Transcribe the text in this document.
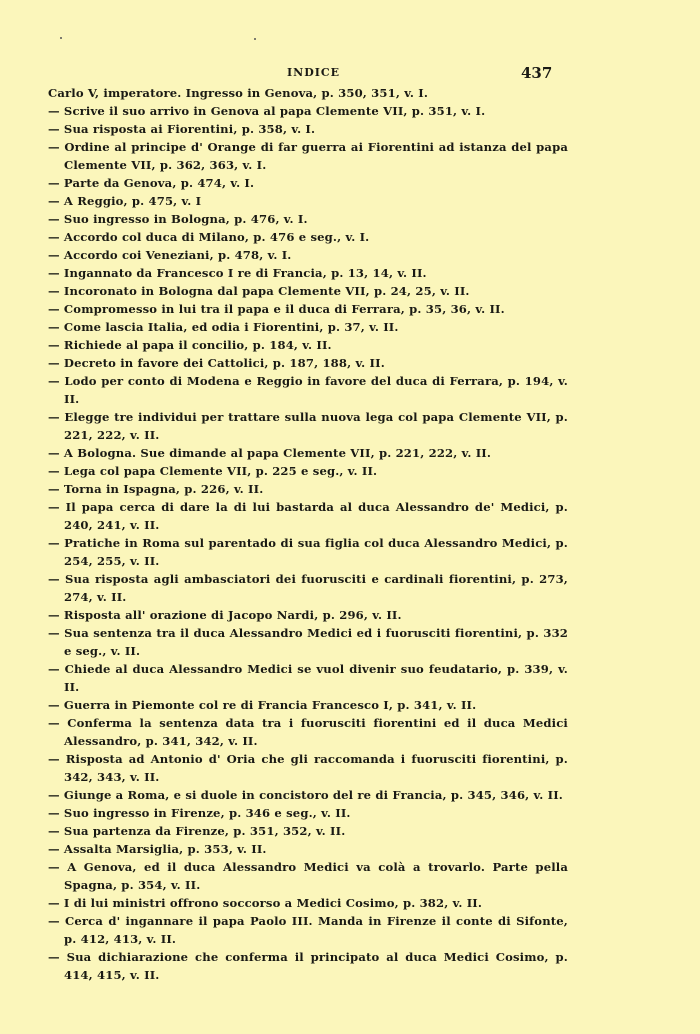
INDICE	437
Carlo V, imperatore. Ingresso in Genova, p. 350, 351, v. I.
— Scrive il suo arrivo in Genova al papa Clemente VII, p. 351, v. I.
— Sua risposta ai Fiorentini, p. 358, v. I.
— Ordine al principe d' Orange di far guerra ai Fiorentini ad istanza del papa Clemente VII, p. 362, 363, v. I.
— Parte da Genova, p. 474, v. I.
— A Reggio, p. 475, v. I
— Suo ingresso in Bologna, p. 476, v. I.
— Accordo col duca di Milano, p. 476 e seg., v. I.
— Accordo coi Veneziani, p. 478, v. I.
— Ingannato da Francesco I re di Francia, p. 13, 14, v. II.
— Incoronato in Bologna dal papa Clemente VII, p. 24, 25, v. II.
— Compromesso in lui tra il papa e il duca di Ferrara, p. 35, 36, v. II.
— Come lascia Italia, ed odia i Fiorentini, p. 37, v. II.
— Richiede al papa il concilio, p. 184, v. II.
— Decreto in favore dei Cattolici, p. 187, 188, v. II.
— Lodo per conto di Modena e Reggio in favore del duca di Ferrara, p. 194, v. II.
— Elegge tre individui per trattare sulla nuova lega col papa Clemente VII, p. 221, 222, v. II.
— A Bologna. Sue dimande al papa Clemente VII, p. 221, 222, v. II.
— Lega col papa Clemente VII, p. 225 e seg., v. II.
— Torna in Ispagna, p. 226, v. II.
— Il papa cerca di dare la di lui bastarda al duca Alessandro de' Medici, p. 240, 241, v. II.
— Pratiche in Roma sul parentado di sua figlia col duca Alessandro Medici, p. 254, 255, v. II.
— Sua risposta agli ambasciatori dei fuorusciti e cardinali fiorentini, p. 273, 274, v. II.
— Risposta all' orazione di Jacopo Nardi, p. 296, v. II.
— Sua sentenza tra il duca Alessandro Medici ed i fuorusciti fiorentini, p. 332 e seg., v. II.
— Chiede al duca Alessandro Medici se vuol divenir suo feudatario, p. 339, v. II.
— Guerra in Piemonte col re di Francia Francesco I, p. 341, v. II.
— Conferma la sentenza data tra i fuorusciti fiorentini ed il duca Medici Alessandro, p. 341, 342, v. II.
— Risposta ad Antonio d' Oria che gli raccomanda i fuorusciti fiorentini, p. 342, 343, v. II.
— Giunge a Roma, e si duole in concistoro del re di Francia, p. 345, 346, v. II.
— Suo ingresso in Firenze, p. 346 e seg., v. II.
— Sua partenza da Firenze, p. 351, 352, v. II.
— Assalta Marsiglia, p. 353, v. II.
— A Genova, ed il duca Alessandro Medici va colà a trovarlo. Parte pella Spagna, p. 354, v. II.
— I di lui ministri offrono soccorso a Medici Cosimo, p. 382, v. II.
— Cerca d' ingannare il papa Paolo III. Manda in Firenze il conte di Sifonte, p. 412, 413, v. II.
— Sua dichiarazione che conferma il principato al duca Medici Cosimo, p. 414, 415, v. II.
